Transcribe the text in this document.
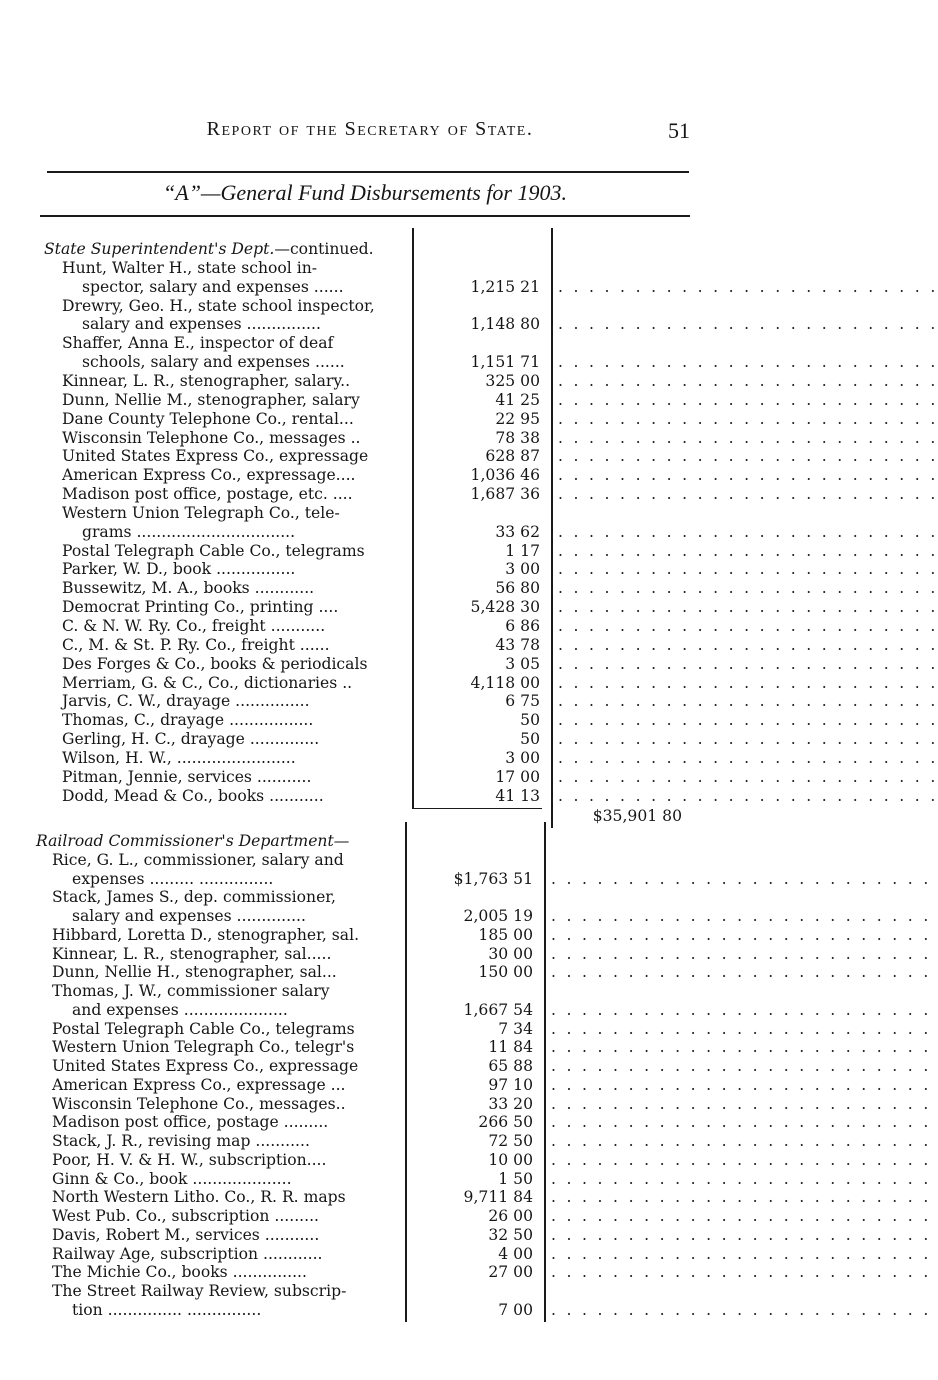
Report of the Secretary of State.	51
“A”—General Fund Disbursements for 1903.
State Superintendent's Dept.—continued.
Hunt, Walter H., state school in-
spector, salary and expenses ......	1,215 21 . . . . . . . . . . . . . . . . . . . . . . . . .
Drewry, Geo. H., state school inspector,
salary and expenses ...............	1,148 80 . . . . . . . . . . . . . . . . . . . . . . . . .
Shaffer, Anna E., inspector of deaf
schools, salary and expenses ......	1,151 71 . . . . . . . . . . . . . . . . . . . . . . . . .
Kinnear, L. R., stenographer, salary..	325 00 . . . . . . . . . . . . . . . . . . . . . . . . .
Dunn, Nellie M., stenographer, salary	41 25 . . . . . . . . . . . . . . . . . . . . . . . . .
Dane County Telephone Co., rental...	22 95 . . . . . . . . . . . . . . . . . . . . . . . . .
Wisconsin Telephone Co., messages ..	78 38 . . . . . . . . . . . . . . . . . . . . . . . . .
United States Express Co., expressage	628 87 . . . . . . . . . . . . . . . . . . . . . . . . .
American Express Co., expressage....	1,036 46 . . . . . . . . . . . . . . . . . . . . . . . . .
Madison post office, postage, etc. ....	1,687 36 . . . . . . . . . . . . . . . . . . . . . . . . .
Western Union Telegraph Co., tele-
grams ................................	33 62 . . . . . . . . . . . . . . . . . . . . . . . . .
Postal Telegraph Cable Co., telegrams	1 17 . . . . . . . . . . . . . . . . . . . . . . . . .
Parker, W. D., book ................	3 00 . . . . . . . . . . . . . . . . . . . . . . . . .
Bussewitz, M. A., books ............	56 80 . . . . . . . . . . . . . . . . . . . . . . . . .
Democrat Printing Co., printing ....	5,428 30 . . . . . . . . . . . . . . . . . . . . . . . . .
C. & N. W. Ry. Co., freight ...........	6 86 . . . . . . . . . . . . . . . . . . . . . . . . .
C., M. & St. P. Ry. Co., freight ......	43 78 . . . . . . . . . . . . . . . . . . . . . . . . .
Des Forges & Co., books & periodicals	3 05 . . . . . . . . . . . . . . . . . . . . . . . . .
Merriam, G. & C., Co., dictionaries ..	4,118 00 . . . . . . . . . . . . . . . . . . . . . . . . .
Jarvis, C. W., drayage ...............	6 75 . . . . . . . . . . . . . . . . . . . . . . . . .
Thomas, C., drayage .................	50 . . . . . . . . . . . . . . . . . . . . . . . . .
Gerling, H. C., drayage ..............	50 . . . . . . . . . . . . . . . . . . . . . . . . .
Wilson, H. W., ........................	3 00 . . . . . . . . . . . . . . . . . . . . . . . . .
Pitman, Jennie, services ...........	17 00 . . . . . . . . . . . . . . . . . . . . . . . . .
Dodd, Mead & Co., books ...........	41 13 . . . . . . . . . . . . . . . . . . . . . . . . .
$35,901 80
Railroad Commissioner's Department—
Rice, G. L., commissioner, salary and
expenses ......... ...............	$1,763 51 . . . . . . . . . . . . . . . . . . . . . . . . .
Stack, James S., dep. commissioner,
salary and expenses ..............	2,005 19 . . . . . . . . . . . . . . . . . . . . . . . . .
Hibbard, Loretta D., stenographer, sal.	185 00 . . . . . . . . . . . . . . . . . . . . . . . . .
Kinnear, L. R., stenographer, sal.....	30 00 . . . . . . . . . . . . . . . . . . . . . . . . .
Dunn, Nellie H., stenographer, sal...	150 00 . . . . . . . . . . . . . . . . . . . . . . . . .
Thomas, J. W., commissioner salary
and expenses .....................	1,667 54 . . . . . . . . . . . . . . . . . . . . . . . . .
Postal Telegraph Cable Co., telegrams	7 34 . . . . . . . . . . . . . . . . . . . . . . . . .
Western Union Telegraph Co., telegr's	11 84 . . . . . . . . . . . . . . . . . . . . . . . . .
United States Express Co., expressage	65 88 . . . . . . . . . . . . . . . . . . . . . . . . .
American Express Co., expressage ...	97 10 . . . . . . . . . . . . . . . . . . . . . . . . .
Wisconsin Telephone Co., messages..	33 20 . . . . . . . . . . . . . . . . . . . . . . . . .
Madison post office, postage .........	266 50 . . . . . . . . . . . . . . . . . . . . . . . . .
Stack, J. R., revising map ...........	72 50 . . . . . . . . . . . . . . . . . . . . . . . . .
Poor, H. V. & H. W., subscription....	10 00 . . . . . . . . . . . . . . . . . . . . . . . . .
Ginn & Co., book ....................	1 50 . . . . . . . . . . . . . . . . . . . . . . . . .
North Western Litho. Co., R. R. maps	9,711 84 . . . . . . . . . . . . . . . . . . . . . . . . .
West Pub. Co., subscription .........	26 00 . . . . . . . . . . . . . . . . . . . . . . . . .
Davis, Robert M., services ...........	32 50 . . . . . . . . . . . . . . . . . . . . . . . . .
Railway Age, subscription ............	4 00 . . . . . . . . . . . . . . . . . . . . . . . . .
The Michie Co., books ...............	27 00 . . . . . . . . . . . . . . . . . . . . . . . . .
The Street Railway Review, subscrip-
tion ............... ...............	7 00 . . . . . . . . . . . . . . . . . . . . . . . . .
